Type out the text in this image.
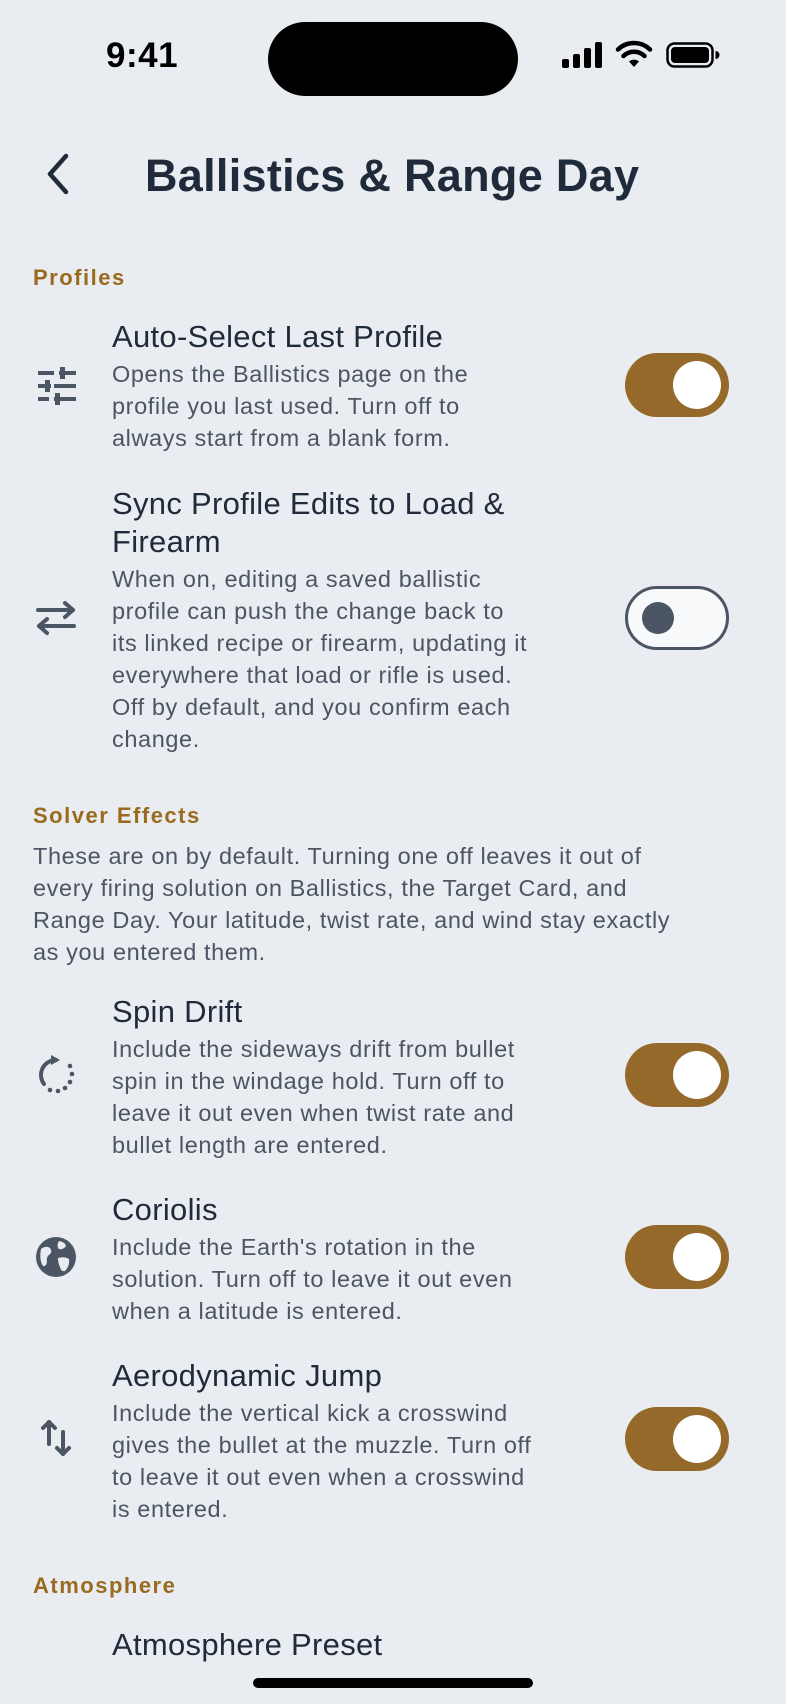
9:41
Ballistics & Range Day
Profiles
Auto-Select Last Profile
Opens the Ballistics page on the
profile you last used. Turn off to
always start from a blank form.
Sync Profile Edits to Load &
Firearm
When on, editing a saved ballistic
profile can push the change back to
its linked recipe or firearm, updating it
everywhere that load or rifle is used.
Off by default, and you confirm each
change.
Solver Effects
These are on by default. Turning one off leaves it out of
every firing solution on Ballistics, the Target Card, and
Range Day. Your latitude, twist rate, and wind stay exactly
as you entered them.
Spin Drift
Include the sideways drift from bullet
spin in the windage hold. Turn off to
leave it out even when twist rate and
bullet length are entered.
Coriolis
Include the Earth's rotation in the
solution. Turn off to leave it out even
when a latitude is entered.
Aerodynamic Jump
Include the vertical kick a crosswind
gives the bullet at the muzzle. Turn off
to leave it out even when a crosswind
is entered.
Atmosphere
Atmosphere Preset
